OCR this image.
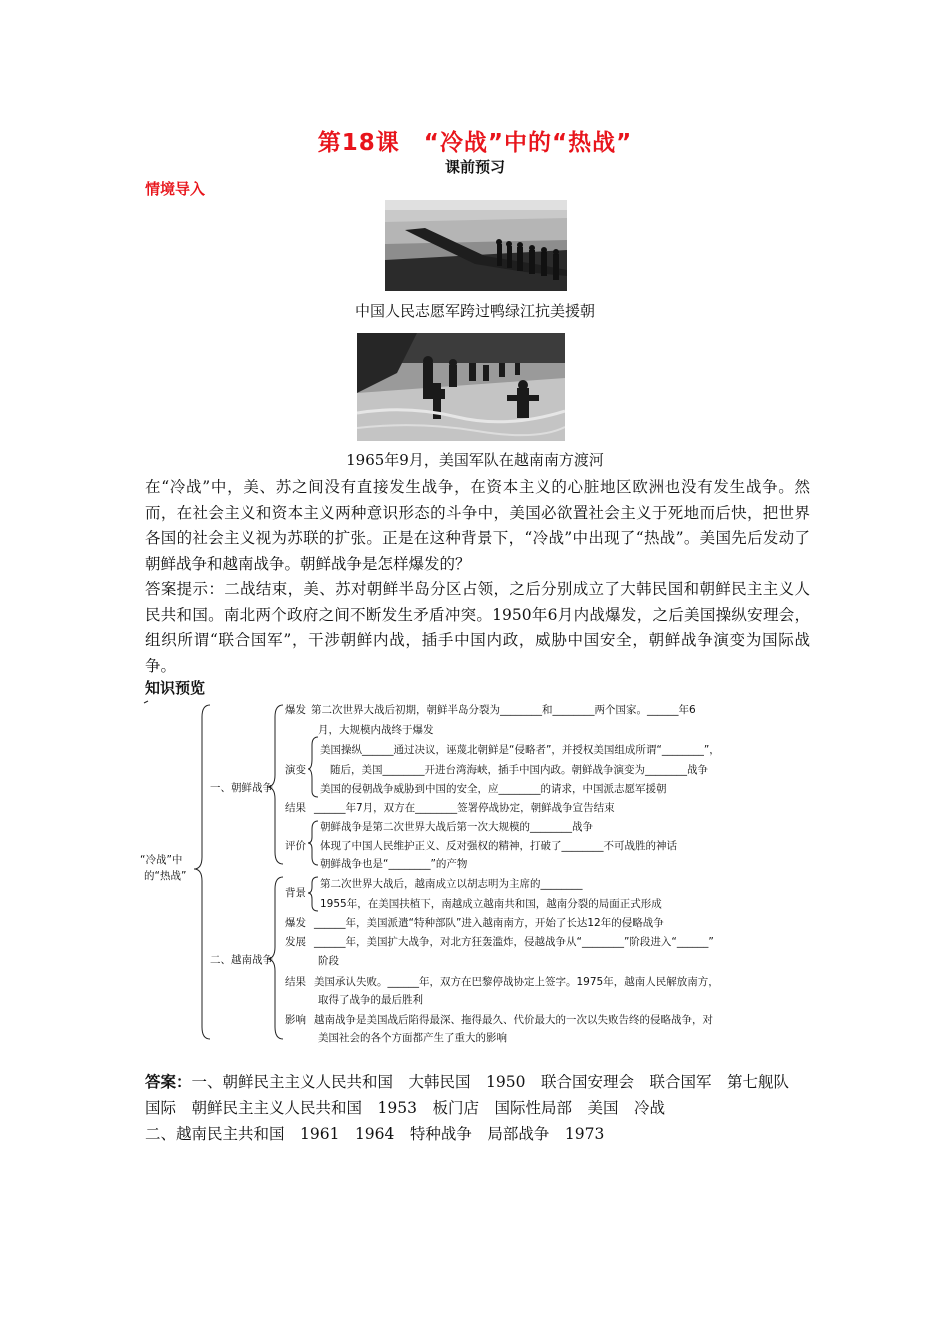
第18课　“冷战”中的“热战”
课前预习
情境导入
中国人民志愿军跨过鸭绿江抗美援朝
1965年9月，美国军队在越南南方渡河

在“冷战”中，美、苏之间没有直接发生战争，在资本主义的心脏地区欧洲也没有发生战争。然而，在社会主义和资本主义两种意识形态的斗争中，美国必欲置社会主义于死地而后快，把世界各国的社会主义视为苏联的扩张。正是在这种背景下，“冷战”中出现了“热战”。美国先后发动了朝鲜战争和越南战争。朝鲜战争是怎样爆发的？

答案提示：二战结束，美、苏对朝鲜半岛分区占领，之后分别成立了大韩民国和朝鲜民主主义人民共和国。南北两个政府之间不断发生矛盾冲突。1950年6月内战爆发，之后美国操纵安理会，组织所谓“联合国军”，干涉朝鲜内战，插手中国内政，威胁中国安全，朝鲜战争演变为国际战争。

知识预览
“冷战”中
的“热战”
一、朝鲜战争
爆发 第二次世界大战后初期，朝鲜半岛分裂为________和________两个国家。______年6
月，大规模内战终于爆发
演变
美国操纵______通过决议，诬蔑北朝鲜是“侵略者”，并授权美国组成所谓“________”，
随后，美国________开进台湾海峡，插手中国内政。朝鲜战争演变为________战争
美国的侵朝战争威胁到中国的安全，应________的请求，中国派志愿军援朝
结果 ______年7月，双方在________签署停战协定，朝鲜战争宣告结束
评价
朝鲜战争是第二次世界大战后第一次大规模的________战争
体现了中国人民维护正义、反对强权的精神，打破了________不可战胜的神话
朝鲜战争也是“________”的产物
二、越南战争
背景
第二次世界大战后，越南成立以胡志明为主席的________
1955年，在美国扶植下，南越成立越南共和国，越南分裂的局面正式形成
爆发 ______年，美国派遣“特种部队”进入越南南方，开始了长达12年的侵略战争
发展 ______年，美国扩大战争，对北方狂轰滥炸，侵越战争从“________”阶段进入“______”
阶段
结果 美国承认失败。______年，双方在巴黎停战协定上签字。1975年，越南人民解放南方，
取得了战争的最后胜利
影响 越南战争是美国战后陷得最深、拖得最久、代价最大的一次以失败告终的侵略战争，对
美国社会的各个方面都产生了重大的影响

答案：一、朝鲜民主主义人民共和国　大韩民国　1950　联合国安理会　联合国军　第七舰队　国际　朝鲜民主主义人民共和国　1953　板门店　国际性局部　美国　冷战

二、越南民主共和国　1961　1964　特种战争　局部战争　1973
